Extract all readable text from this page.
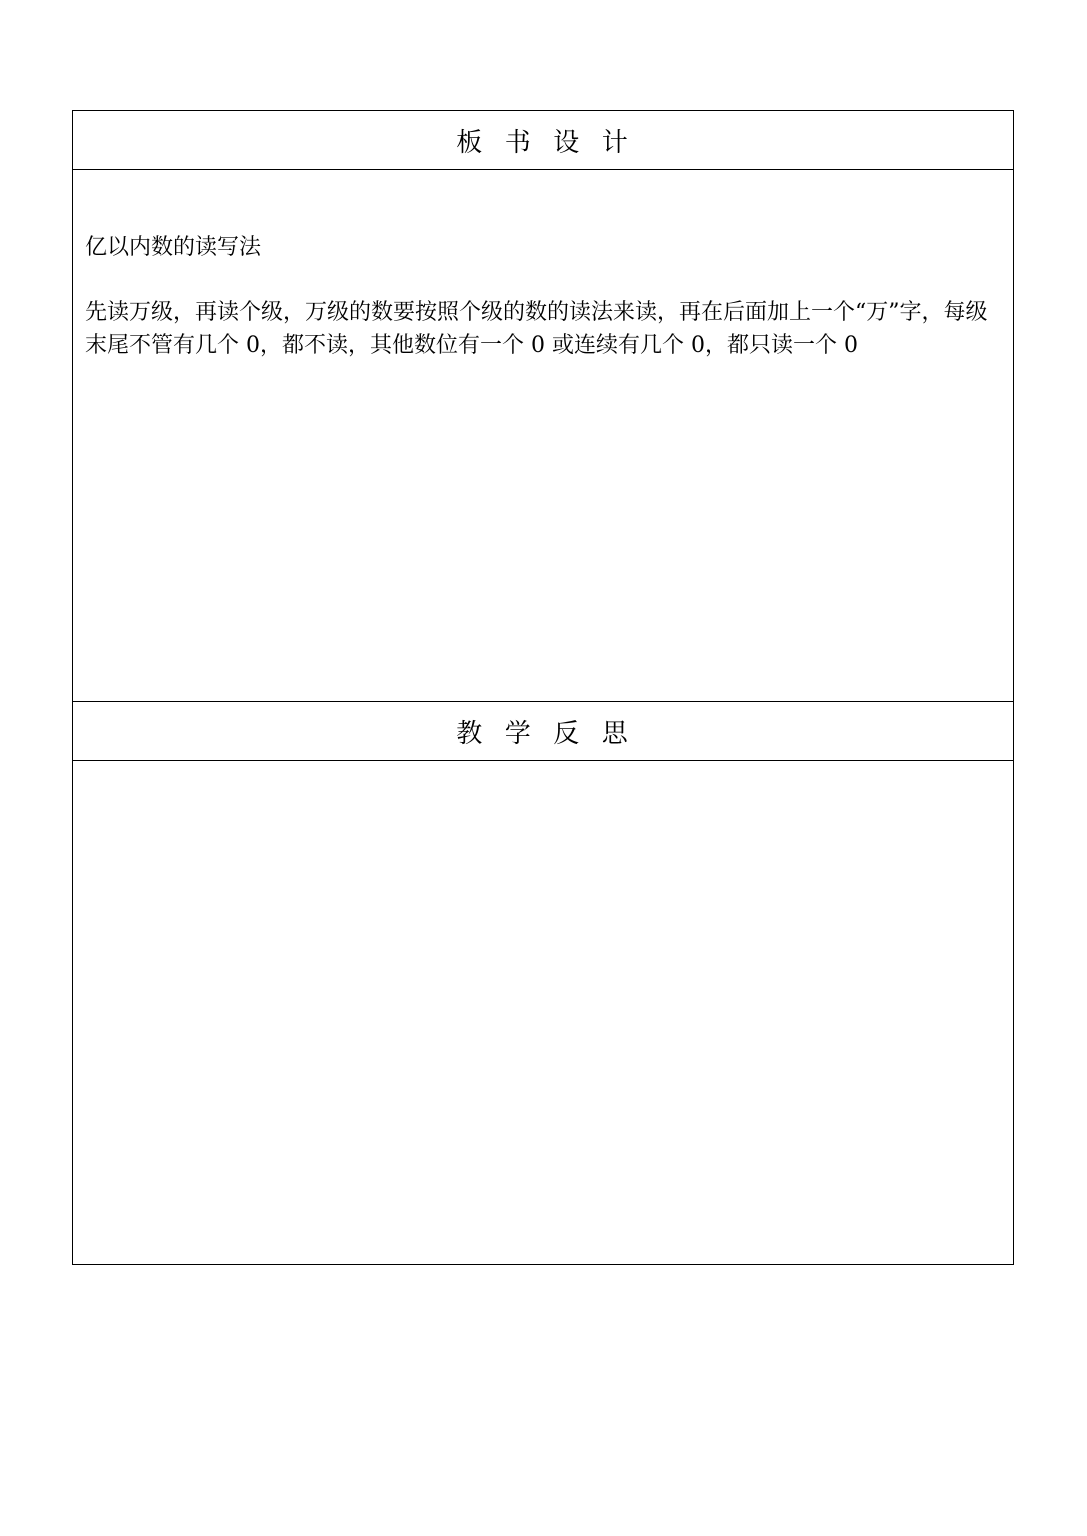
板  书  设  计

亿以内数的读写法

先读万级，再读个级，万级的数要按照个级的数的读法来读，再在后面加上一个“万”字，每级末尾不管有几个 0，都不读，其他数位有一个 0 或连续有几个 0，都只读一个 0

教  学  反  思
